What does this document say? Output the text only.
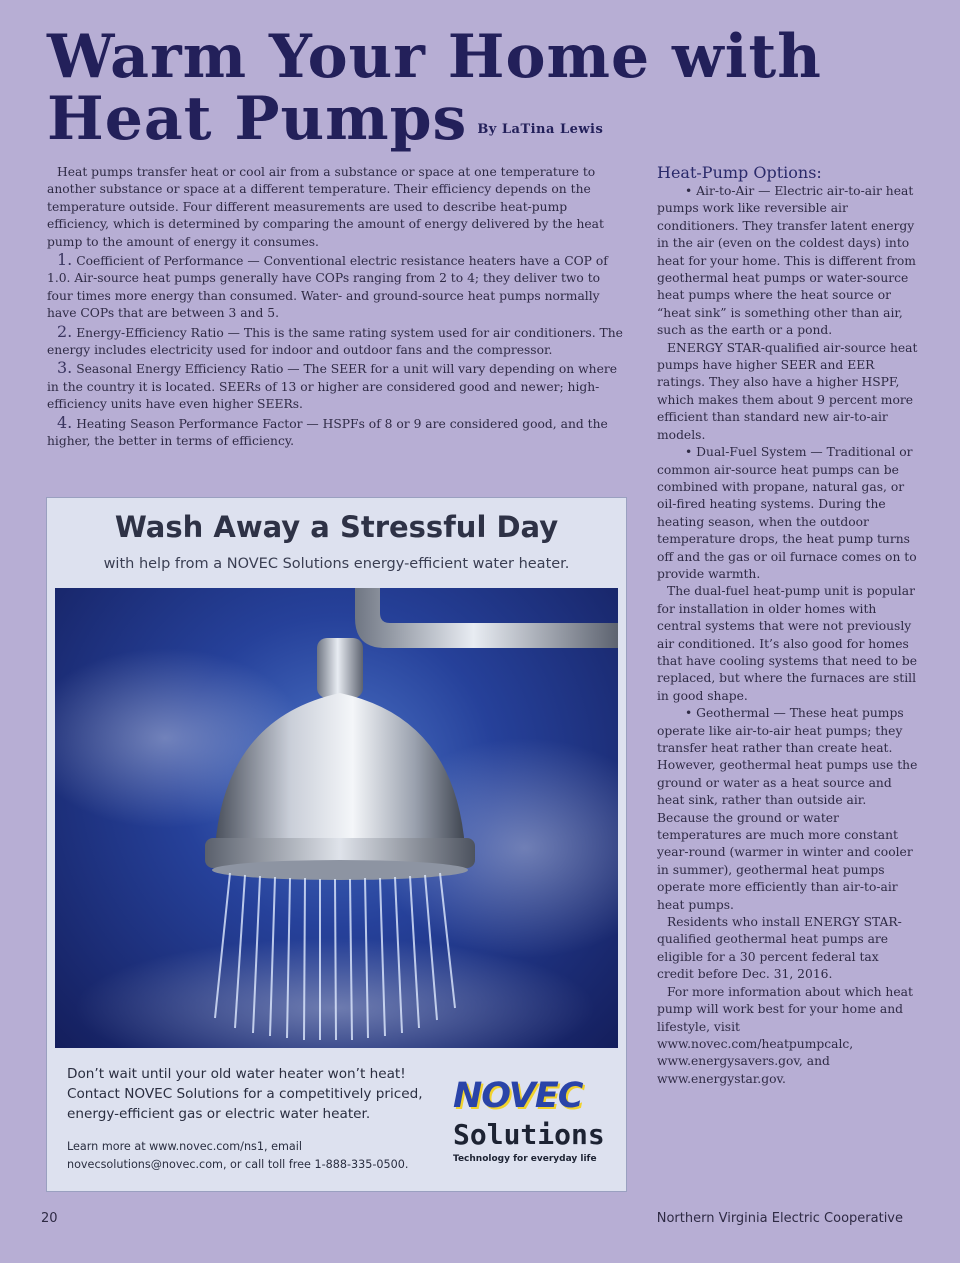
Warm Your Home with
Heat Pumps By LaTina Lewis

Heat pumps transfer heat or cool air from a substance or space at one temperature to another substance or space at a different temperature. Their efficiency depends on the temperature outside. Four different measurements are used to describe heat-pump efficiency, which is determined by comparing the amount of energy delivered by the heat pump to the amount of energy it consumes.

1. Coefficient of Performance — Conventional electric resistance heaters have a COP of 1.0. Air-source heat pumps generally have COPs ranging from 2 to 4; they deliver two to four times more energy than consumed. Water- and ground-source heat pumps normally have COPs that are between 3 and 5.

2. Energy-Efficiency Ratio — This is the same rating system used for air conditioners. The energy includes electricity used for indoor and outdoor fans and the compressor.

3. Seasonal Energy Efficiency Ratio — The SEER for a unit will vary depending on where in the country it is located. SEERs of 13 or higher are considered good and newer; high-efficiency units have even higher SEERs.

4. Heating Season Performance Factor — HSPFs of 8 or 9 are considered good, and the higher, the better in terms of efficiency.

Heat-Pump Options:

• Air-to-Air — Electric air-to-air heat pumps work like reversible air conditioners. They transfer latent energy in the air (even on the coldest days) into heat for your home. This is different from geothermal heat pumps or water-source heat pumps where the heat source or “heat sink” is something other than air, such as the earth or a pond.

ENERGY STAR-qualified air-source heat pumps have higher SEER and EER ratings. They also have a higher HSPF, which makes them about 9 percent more efficient than standard new air-to-air models.

• Dual-Fuel System — Traditional or common air-source heat pumps can be combined with propane, natural gas, or oil-fired heating systems. During the heating season, when the outdoor temperature drops, the heat pump turns off and the gas or oil furnace comes on to provide warmth.

The dual-fuel heat-pump unit is popular for installation in older homes with central systems that were not previously air conditioned. It’s also good for homes that have cooling systems that need to be replaced, but where the furnaces are still in good shape.

• Geothermal — These heat pumps operate like air-to-air heat pumps; they transfer heat rather than create heat. However, geothermal heat pumps use the ground or water as a heat source and heat sink, rather than outside air. Because the ground or water temperatures are much more constant year-round (warmer in winter and cooler in summer), geothermal heat pumps operate more efficiently than air-to-air heat pumps.

Residents who install ENERGY STAR-qualified geothermal heat pumps are eligible for a 30 percent federal tax credit before Dec. 31, 2016.

For more information about which heat pump will work best for your home and lifestyle, visit www.novec.com/heatpumpcalc, www.energysavers.gov, and www.energystar.gov.

Wash Away a Stressful Day
with help from a NOVEC Solutions energy-efficient water heater.
Don’t wait until your old water heater won’t heat! Contact NOVEC Solutions for a competitively priced, energy-efficient gas or electric water heater.
Learn more at www.novec.com/ns1, email novecsolutions@novec.com, or call toll free 1-888-335-0500.
NOVEC
Solutions
Technology for everyday life
20	Northern Virginia Electric Cooperative
